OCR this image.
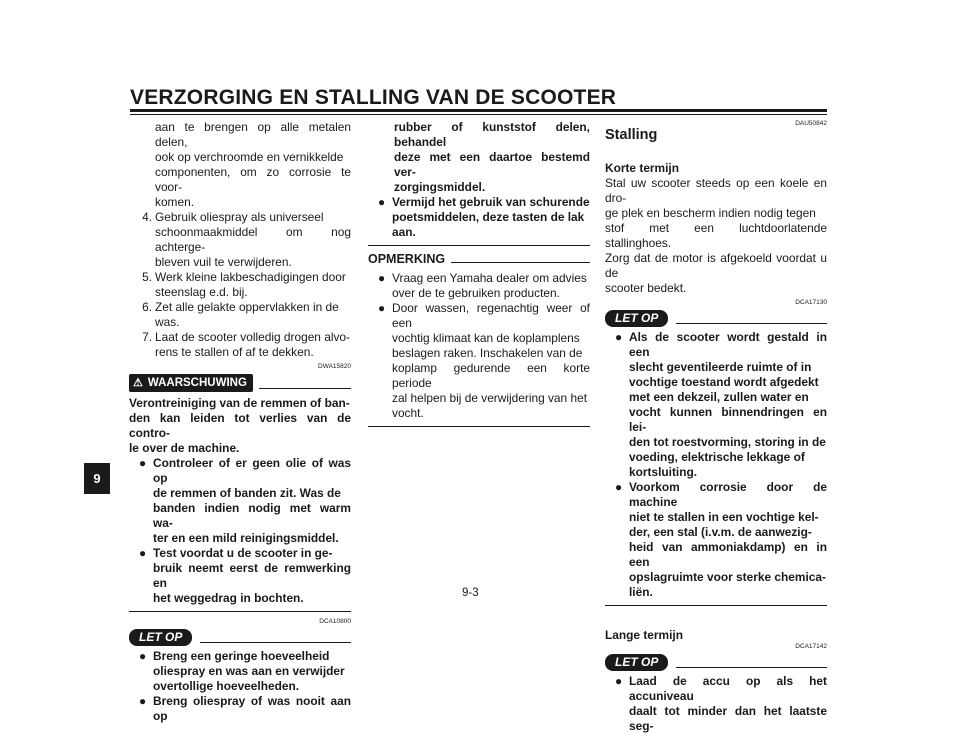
VERZORGING EN STALLING VAN DE SCOOTER
9
aan te brengen op alle metalen delen,
ook op verchroomde en vernikkelde
componenten, om zo corrosie te voor-
komen.
4. Gebruik oliespray als universeel
schoonmaakmiddel om nog achterge-
bleven vuil te verwijderen.
5. Werk kleine lakbeschadigingen door
steenslag e.d. bij.
6. Zet alle gelakte oppervlakken in de
was.
7. Laat de scooter volledig drogen alvo-
rens te stallen of af te dekken.

DWA15820

⚠ WAARSCHUWING
Verontreiniging van de remmen of ban-
den kan leiden tot verlies van de contro-
le over de machine.
● Controleer of er geen olie of was op
de remmen of banden zit. Was de
banden indien nodig met warm wa-
ter en een mild reinigingsmiddel.
● Test voordat u de scooter in ge-
bruik neemt eerst de remwerking en
het weggedrag in bochten.

DCA10800

LET OP
● Breng een geringe hoeveelheid
oliespray en was aan en verwijder
overtollige hoeveelheden.
● Breng oliespray of was nooit aan op
rubber of kunststof delen, behandel
deze met een daartoe bestemd ver-
zorgingsmiddel.
● Vermijd het gebruik van schurende
poetsmiddelen, deze tasten de lak
aan.
OPMERKING
● Vraag een Yamaha dealer om advies
over de te gebruiken producten.
● Door wassen, regenachtig weer of een
vochtig klimaat kan de koplamplens
beslagen raken. Inschakelen van de
koplamp gedurende een korte periode
zal helpen bij de verwijdering van het
vocht.

DAU50842

Stalling

Korte termijn

Stal uw scooter steeds op een koele en dro-
ge plek en bescherm indien nodig tegen
stof met een luchtdoorlatende stallinghoes.
Zorg dat de motor is afgekoeld voordat u de
scooter bedekt.

DCA17130

LET OP
● Als de scooter wordt gestald in een
slecht geventileerde ruimte of in
vochtige toestand wordt afgedekt
met een dekzeil, zullen water en
vocht kunnen binnendringen en lei-
den tot roestvorming, storing in de
voeding, elektrische lekkage of
kortsluiting.
● Voorkom corrosie door de machine
niet te stallen in een vochtige kel-
der, een stal (i.v.m. de aanwezig-
heid van ammoniakdamp) en in een
opslagruimte voor sterke chemica-
liën.

Lange termijn

DCA17142

LET OP
● Laad de accu op als het accuniveau
daalt tot minder dan het laatste seg-
9-3
